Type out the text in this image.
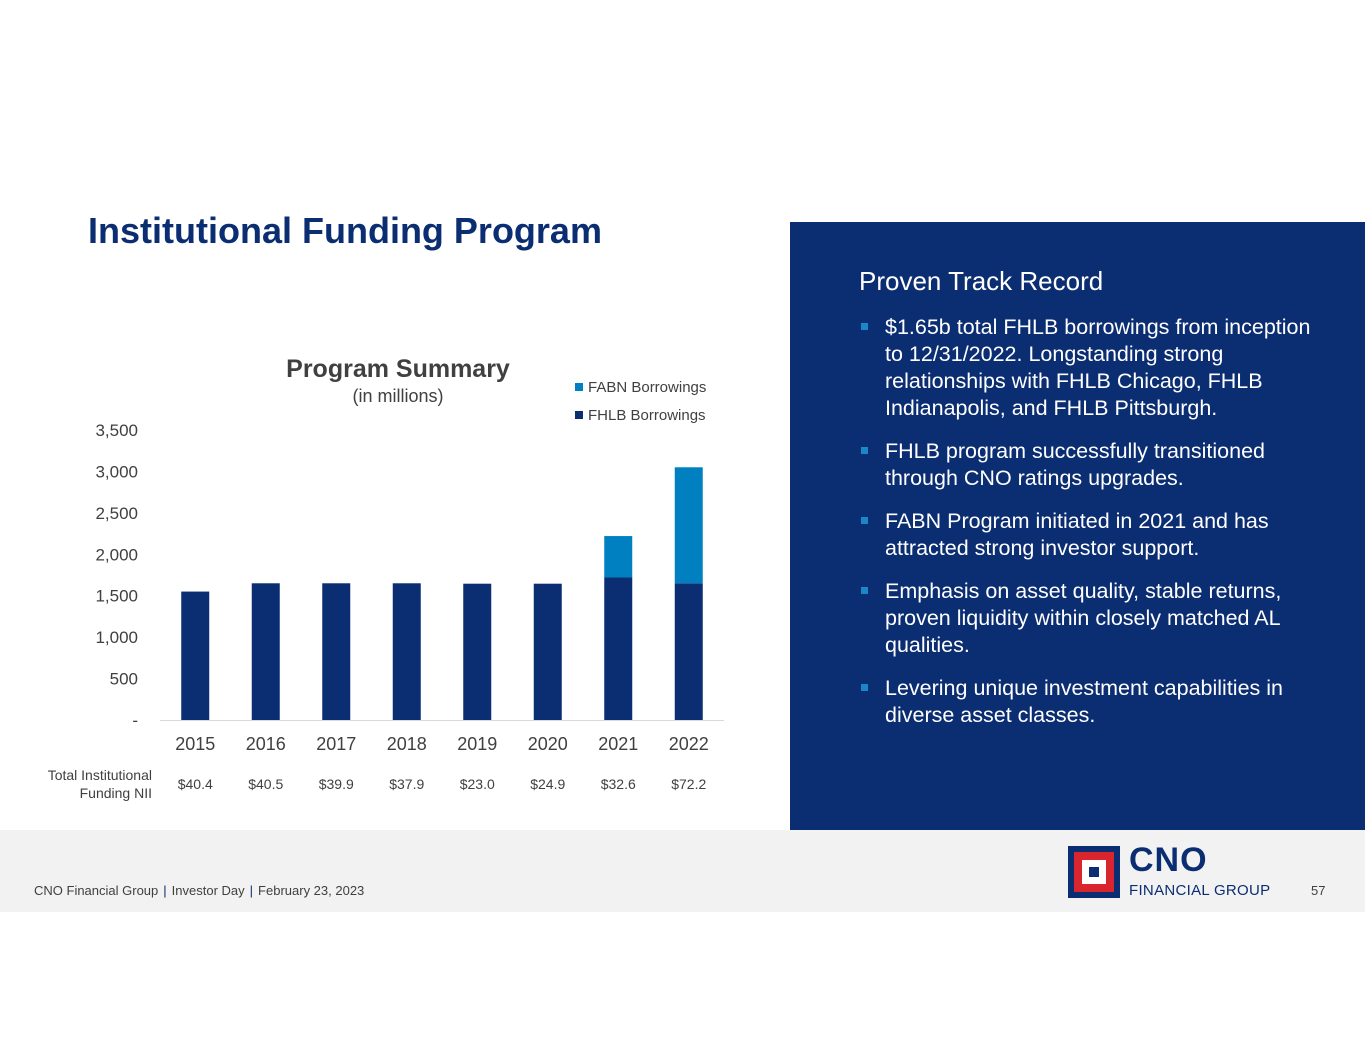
Institutional Funding Program
Program Summary
(in millions)	FABN Borrowings
FHLB Borrowings
-
500
1,000
1,500
2,000
2,500
3,000
3,500
2015
$40.4
2016
$40.5
2017
$39.9
2018
$37.9
2019
$23.0
2020
$24.9
2021
$32.6
2022
$72.2
Total Institutional Funding NII
Proven Track Record
$1.65b total FHLB borrowings from inception to 12/31/2022. Longstanding strong relationships with FHLB Chicago, FHLB Indianapolis, and FHLB Pittsburgh.
FHLB program successfully transitioned through CNO ratings upgrades.
FABN Program initiated in 2021 and has attracted strong investor support.
Emphasis on asset quality, stable returns, proven liquidity within closely matched AL qualities.
Levering unique investment capabilities in diverse asset classes.
CNO Financial Group | Investor Day | February 23, 2023
CNO
FINANCIAL GROUP	57
